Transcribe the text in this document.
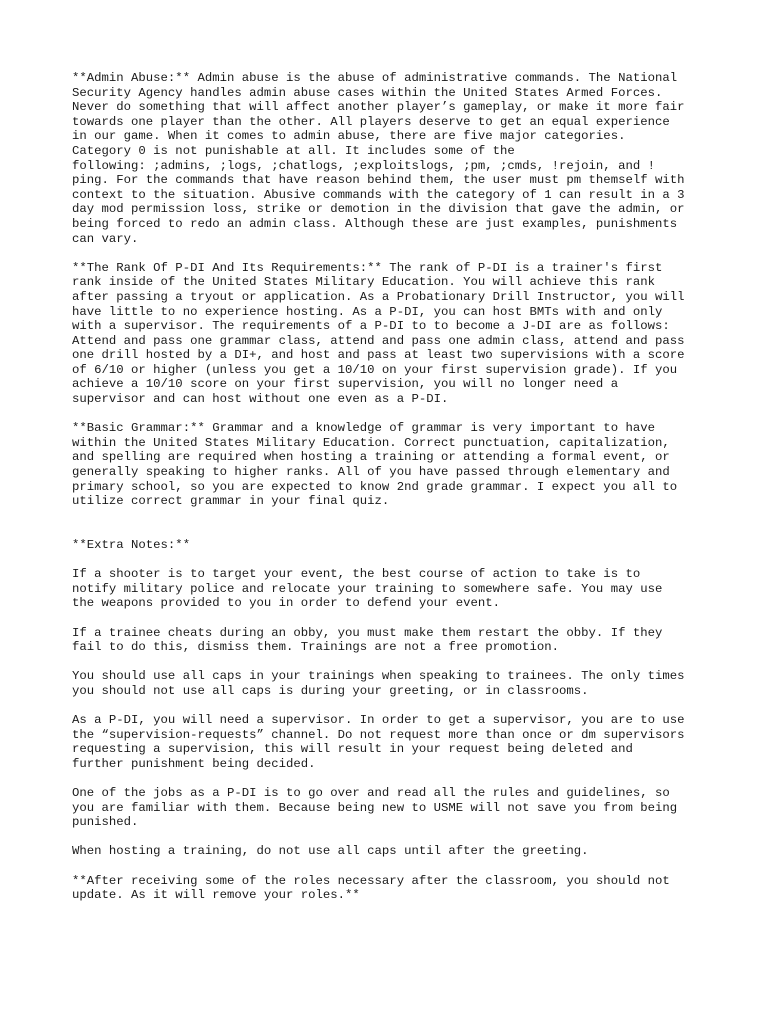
**Admin Abuse:** Admin abuse is the abuse of administrative commands. The National
Security Agency handles admin abuse cases within the United States Armed Forces.
Never do something that will affect another player’s gameplay, or make it more fair
towards one player than the other. All players deserve to get an equal experience
in our game. When it comes to admin abuse, there are five major categories.
Category 0 is not punishable at all. It includes some of the
following: ;admins, ;logs, ;chatlogs, ;exploitslogs, ;pm, ;cmds, !rejoin, and !
ping. For the commands that have reason behind them, the user must pm themself with
context to the situation. Abusive commands with the category of 1 can result in a 3
day mod permission loss, strike or demotion in the division that gave the admin, or
being forced to redo an admin class. Although these are just examples, punishments
can vary.
**The Rank Of P-DI And Its Requirements:** The rank of P-DI is a trainer's first
rank inside of the United States Military Education. You will achieve this rank
after passing a tryout or application. As a Probationary Drill Instructor, you will
have little to no experience hosting. As a P-DI, you can host BMTs with and only
with a supervisor. The requirements of a P-DI to to become a J-DI are as follows:
Attend and pass one grammar class, attend and pass one admin class, attend and pass
one drill hosted by a DI+, and host and pass at least two supervisions with a score
of 6/10 or higher (unless you get a 10/10 on your first supervision grade). If you
achieve a 10/10 score on your first supervision, you will no longer need a
supervisor and can host without one even as a P-DI.
**Basic Grammar:** Grammar and a knowledge of grammar is very important to have
within the United States Military Education. Correct punctuation, capitalization,
and spelling are required when hosting a training or attending a formal event, or
generally speaking to higher ranks. All of you have passed through elementary and
primary school, so you are expected to know 2nd grade grammar. I expect you all to
utilize correct grammar in your final quiz.
**Extra Notes:**
If a shooter is to target your event, the best course of action to take is to
notify military police and relocate your training to somewhere safe. You may use
the weapons provided to you in order to defend your event.
If a trainee cheats during an obby, you must make them restart the obby. If they
fail to do this, dismiss them. Trainings are not a free promotion.
You should use all caps in your trainings when speaking to trainees. The only times
you should not use all caps is during your greeting, or in classrooms.
As a P-DI, you will need a supervisor. In order to get a supervisor, you are to use
the “supervision-requests” channel. Do not request more than once or dm supervisors
requesting a supervision, this will result in your request being deleted and
further punishment being decided.
One of the jobs as a P-DI is to go over and read all the rules and guidelines, so
you are familiar with them. Because being new to USME will not save you from being
punished.
When hosting a training, do not use all caps until after the greeting.
**After receiving some of the roles necessary after the classroom, you should not
update. As it will remove your roles.**
